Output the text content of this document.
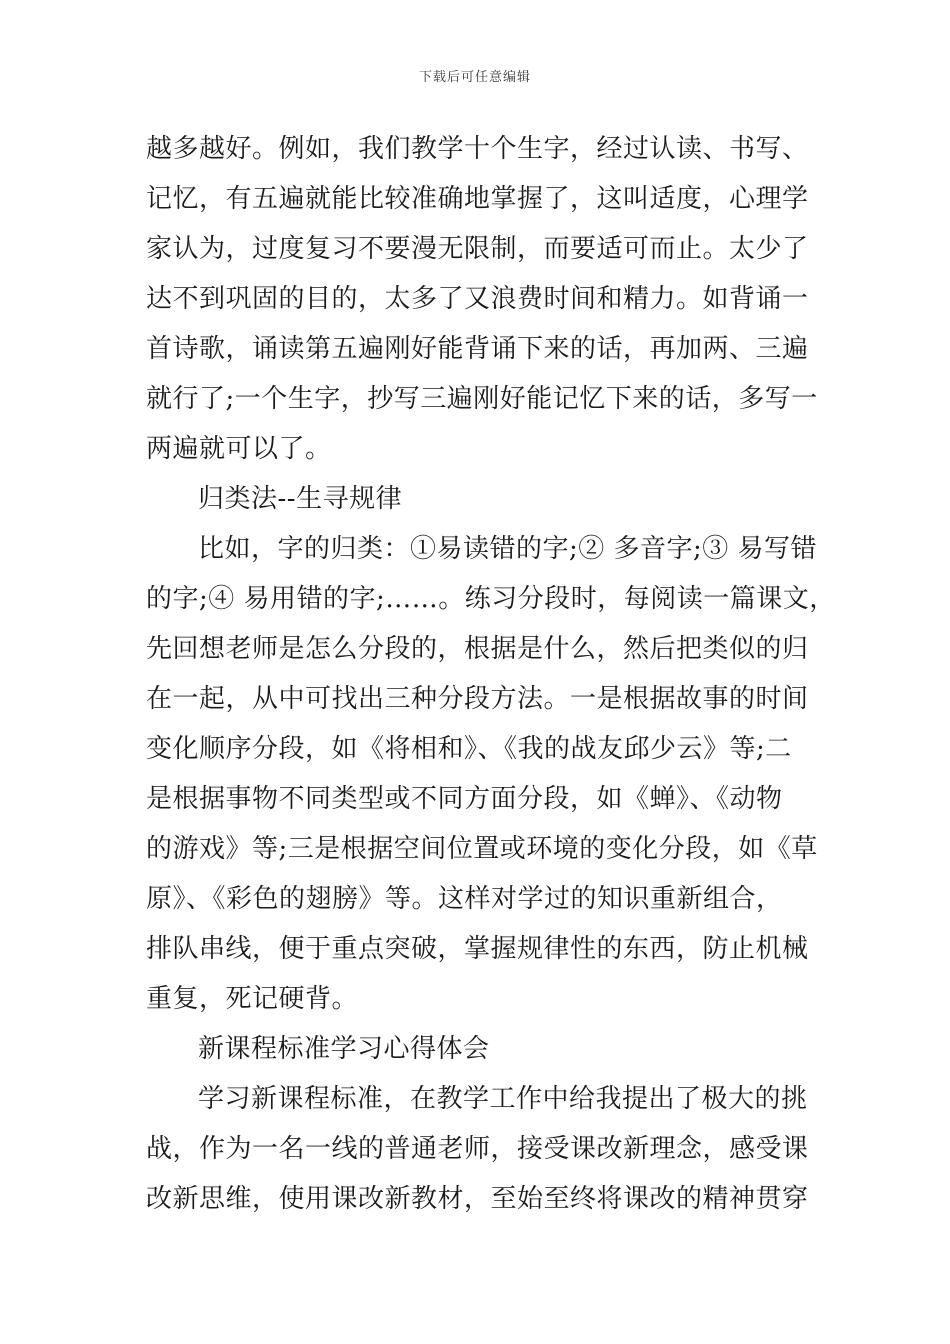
下载后可任意编辑
越多越好。例如，我们教学十个生字，经过认读、书写、
记忆，有五遍就能比较准确地掌握了，这叫适度，心理学
家认为，过度复习不要漫无限制，而要适可而止。太少了
达不到巩固的目的，太多了又浪费时间和精力。如背诵一
首诗歌，诵读第五遍刚好能背诵下来的话，再加两、三遍
就行了;一个生字，抄写三遍刚好能记忆下来的话，多写一
两遍就可以了。
归类法--生寻规律
比如，字的归类：①易读错的字;② 多音字;③ 易写错
的字;④ 易用错的字;……。练习分段时，每阅读一篇课文，
先回想老师是怎么分段的，根据是什么，然后把类似的归
在一起，从中可找出三种分段方法。一是根据故事的时间
变化顺序分段，如《将相和》、《我的战友邱少云》等;二
是根据事物不同类型或不同方面分段，如《蝉》、《动物
的游戏》等;三是根据空间位置或环境的变化分段，如《草
原》、《彩色的翅膀》等。这样对学过的知识重新组合，
排队串线，便于重点突破，掌握规律性的东西，防止机械
重复，死记硬背。
新课程标准学习心得体会
学习新课程标准，在教学工作中给我提出了极大的挑
战，作为一名一线的普通老师，接受课改新理念，感受课
改新思维，使用课改新教材，至始至终将课改的精神贯穿
